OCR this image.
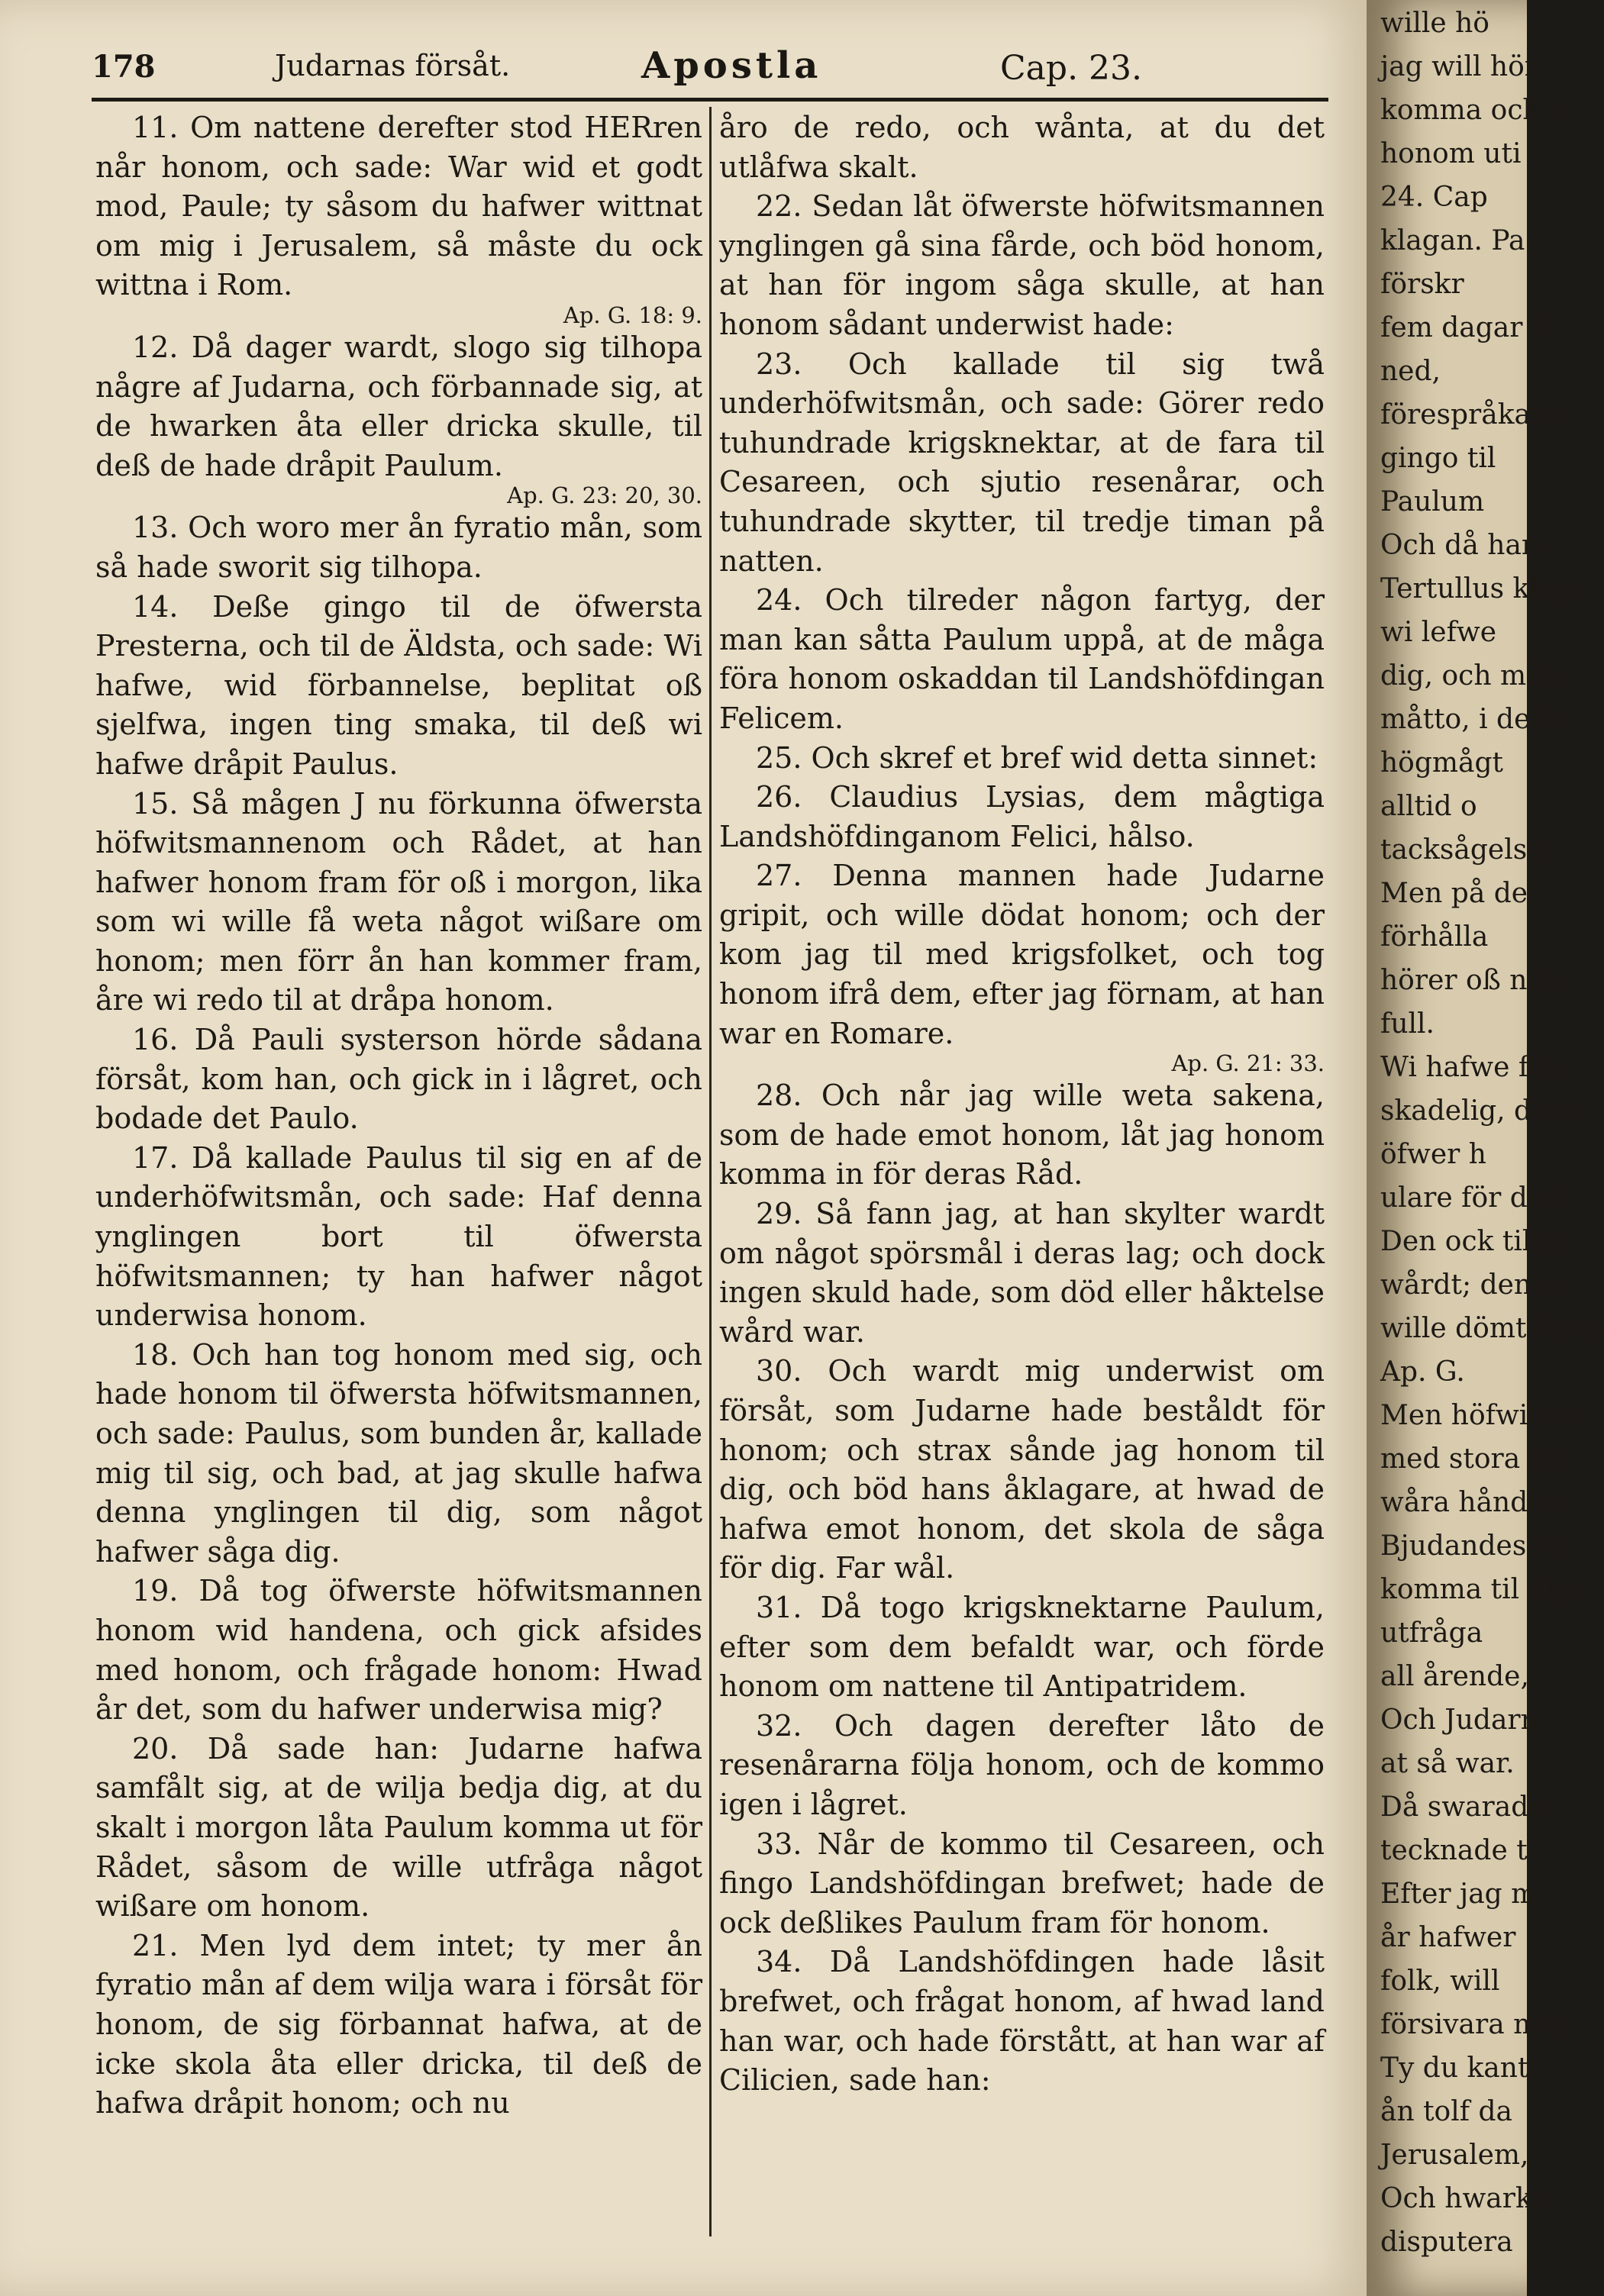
178	Judarnas försåt.	Apostla	Cap. 23.

11. Om nattene derefter stod HERren når honom, och sade: War wid et godt mod, Paule; ty såsom du hafwer wittnat om mig i Jerusalem, så måste du ock wittna i Rom.
Ap. G. 18: 9.

12. Då dager wardt, slogo sig tilhopa någre af Judarna, och förbannade sig, at de hwarken åta eller dricka skulle, til deß de hade dråpit Paulum.
Ap. G. 23: 20, 30.

13. Och woro mer ån fyratio mån, som så hade sworit sig tilhopa.

14. Deße gingo til de öfwersta Presterna, och til de Äldsta, och sade: Wi hafwe, wid förbannelse, beplitat oß sjelfwa, ingen ting smaka, til deß wi hafwe dråpit Paulus.

15. Så mågen J nu förkunna öfwersta höfwitsmannenom och Rådet, at han hafwer honom fram för oß i morgon, lika som wi wille få weta något wißare om honom; men förr ån han kommer fram, åre wi redo til at dråpa honom.

16. Då Pauli systerson hörde sådana försåt, kom han, och gick in i lågret, och bodade det Paulo.

17. Då kallade Paulus til sig en af de underhöfwitsmån, och sade: Haf denna ynglingen bort til öfwersta höfwitsmannen; ty han hafwer något underwisa honom.

18. Och han tog honom med sig, och hade honom til öfwersta höfwitsmannen, och sade: Paulus, som bunden år, kallade mig til sig, och bad, at jag skulle hafwa denna ynglingen til dig, som något hafwer såga dig.

19. Då tog öfwerste höfwitsmannen honom wid handena, och gick afsides med honom, och frågade honom: Hwad år det, som du hafwer underwisa mig?

20. Då sade han: Judarne hafwa samfålt sig, at de wilja bedja dig, at du skalt i morgon låta Paulum komma ut för Rådet, såsom de wille utfråga något wißare om honom.

21. Men lyd dem intet; ty mer ån fyratio mån af dem wilja wara i försåt för honom, de sig förbannat hafwa, at de icke skola åta eller dricka, til deß de hafwa dråpit honom; och nu

åro de redo, och wånta, at du det utlåfwa skalt.

22. Sedan låt öfwerste höfwitsmannen ynglingen gå sina fårde, och böd honom, at han för ingom såga skulle, at han honom sådant underwist hade:

23. Och kallade til sig twå underhöfwitsmån, och sade: Görer redo tuhundrade krigsknektar, at de fara til Cesareen, och sjutio resenårar, och tuhundrade skytter, til tredje timan på natten.

24. Och tilreder någon fartyg, der man kan såtta Paulum uppå, at de måga föra honom oskaddan til Landshöfdingan Felicem.

25. Och skref et bref wid detta sinnet:

26. Claudius Lysias, dem mågtiga Landshöfdinganom Felici, hålso.

27. Denna mannen hade Judarne gripit, och wille dödat honom; och der kom jag til med krigsfolket, och tog honom ifrå dem, efter jag förnam, at han war en Romare.
Ap. G. 21: 33.

28. Och når jag wille weta sakena, som de hade emot honom, låt jag honom komma in för deras Råd.

29. Så fann jag, at han skylter wardt om något spörsmål i deras lag; och dock ingen skuld hade, som död eller håktelse wård war.

30. Och wardt mig underwist om försåt, som Judarne hade beståldt för honom; och strax sånde jag honom til dig, och böd hans åklagare, at hwad de hafwa emot honom, det skola de såga för dig. Far wål.

31. Då togo krigsknektarne Paulum, efter som dem befaldt war, och förde honom om nattene til Antipatridem.

32. Och dagen derefter låto de resenårarna följa honom, och de kommo igen i lågret.

33. Når de kommo til Cesareen, och fingo Landshöfdingan brefwet; hade de ock deßlikes Paulum fram för honom.

34. Då Landshöfdingen hade låsit brefwet, och frågat honom, af hwad land han war, och hade förstått, at han war af Cilicien, sade han:

wille hö
jag will hör
komma ock t
honom uti
24. Cap
klagan. Pa
förskr
fem dagar f
ned,
förespråkare,
gingo til
Paulum
Och då han
Tertullus klag
wi lefwe
dig, och mån
måtto, i deßo
högmågt
alltid o
tacksågelse.
Men på det
förhålla
hörer oß någ
full.
Wi hafwe fun
skadelig, den i
öfwer h
ulare för de S
Den ock tilbu
wårdt; den n
wille dömt hono
Ap. G.
Men höfwitsm
med stora ma
wåra hånder;
Bjudandes, at
komma til dig,
utfråga
all årende,
Och Judarn
at så war.
Då swarade
tecknade t
Efter jag m
år hafwer
folk, will
försivara mig.
Ty du kant
ån tolf da
Jerusalem,
Och hwarke
disputera
